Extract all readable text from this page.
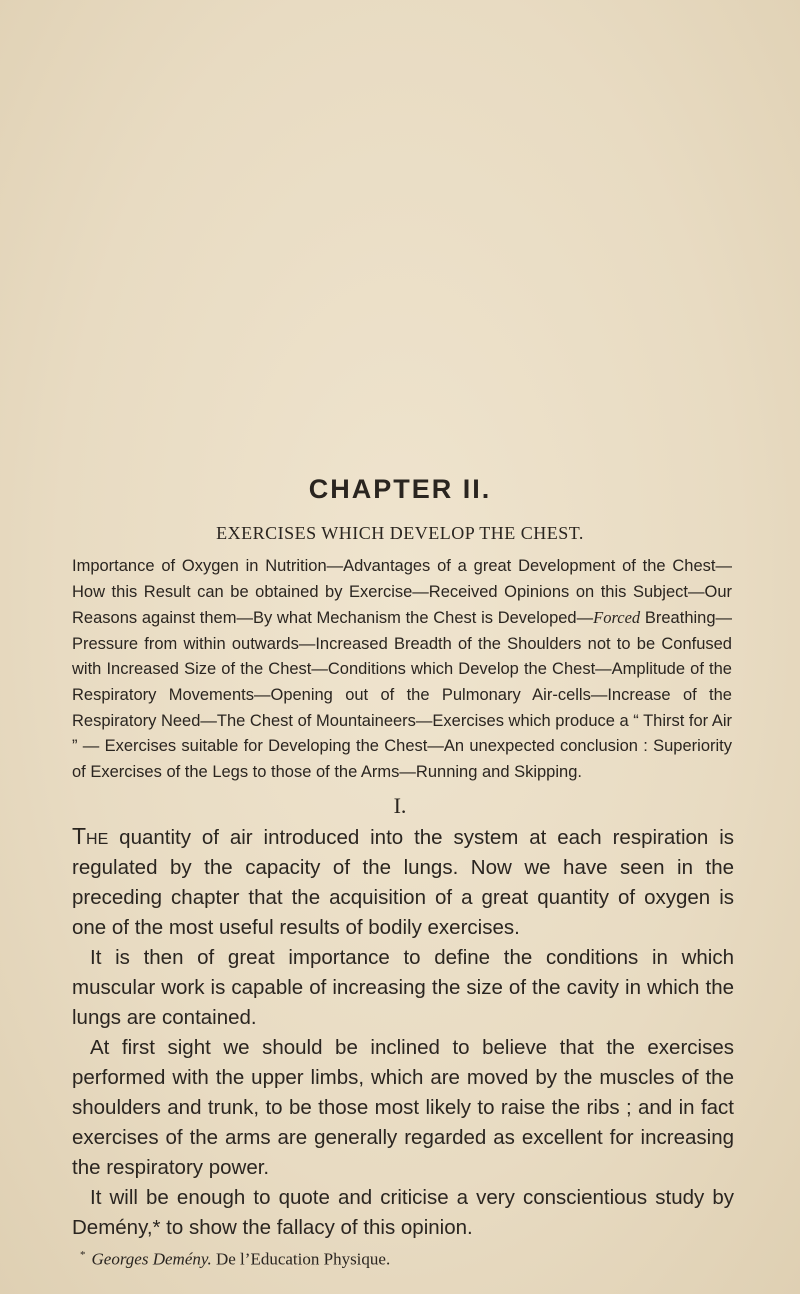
CHAPTER II.
EXERCISES WHICH DEVELOP THE CHEST.

Importance of Oxygen in Nutrition—Advantages of a great Development of the Chest—How this Result can be obtained by Exercise—Received Opinions on this Subject—Our Reasons against them—By what Mechanism the Chest is Developed—Forced Breathing—Pressure from within outwards—Increased Breadth of the Shoulders not to be Confused with Increased Size of the Chest—Conditions which Develop the Chest—Amplitude of the Respiratory Movements—Opening out of the Pulmonary Air-cells—Increase of the Respiratory Need—The Chest of Mountaineers—Exercises which produce a “ Thirst for Air ” — Exercises suitable for Developing the Chest—An unexpected conclusion : Superiority of Exercises of the Legs to those of the Arms—Running and Skipping.

I.

The quantity of air introduced into the system at each respiration is regulated by the capacity of the lungs. Now we have seen in the preceding chapter that the acquisition of a great quantity of oxygen is one of the most useful results of bodily exercises.

It is then of great importance to define the conditions in which muscular work is capable of increasing the size of the cavity in which the lungs are contained.

At first sight we should be inclined to believe that the exercises performed with the upper limbs, which are moved by the muscles of the shoulders and trunk, to be those most likely to raise the ribs ; and in fact exercises of the arms are generally regarded as excellent for increasing the respiratory power.

It will be enough to quote and criticise a very conscientious study by Demény,* to show the fallacy of this opinion.

* Georges Demény. De l’Education Physique.
